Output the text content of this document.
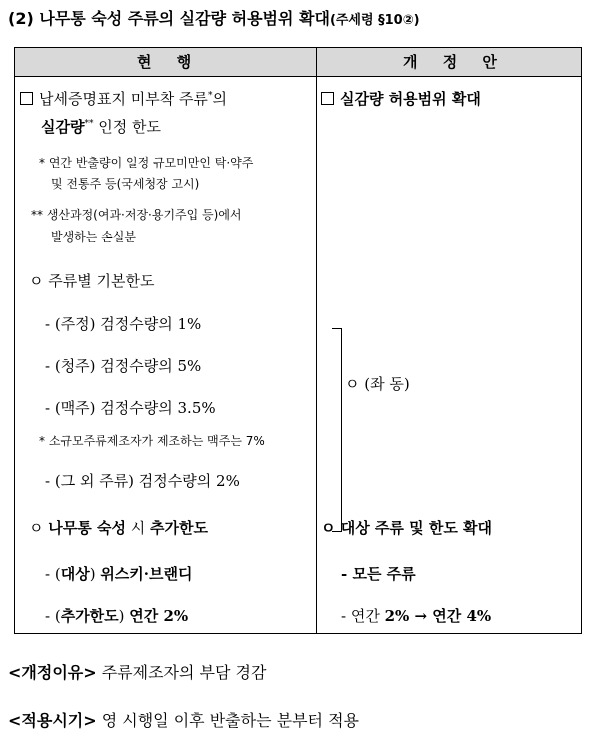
(2) 나무통 숙성 주류의 실감량 허용범위 확대(주세령 §10②)
현 행	개 정 안
납세증명표지 미부착 주류*의
실감량** 인정 한도
* 연간 반출량이 일정 규모미만인 탁·약주
및 전통주 등(국세청장 고시)
** 생산과정(여과·저장·용기주입 등)에서
발생하는 손실분
ㅇ 주류별 기본한도
- (주정) 검정수량의 1%
- (청주) 검정수량의 5%
- (맥주) 검정수량의 3.5%
* 소규모주류제조자가 제조하는 맥주는 7%
- (그 외 주류) 검정수량의 2%
ㅇ 나무통 숙성 시 추가한도
- (대상) 위스키·브랜디
- (추가한도) 연간 2%
실감량 허용범위 확대
ㅇ (좌 동)
ㅇ 대상 주류 및 한도 확대
- 모든 주류
- 연간 2% → 연간 4%
<개정이유> 주류제조자의 부담 경감
<적용시기> 영 시행일 이후 반출하는 분부터 적용
